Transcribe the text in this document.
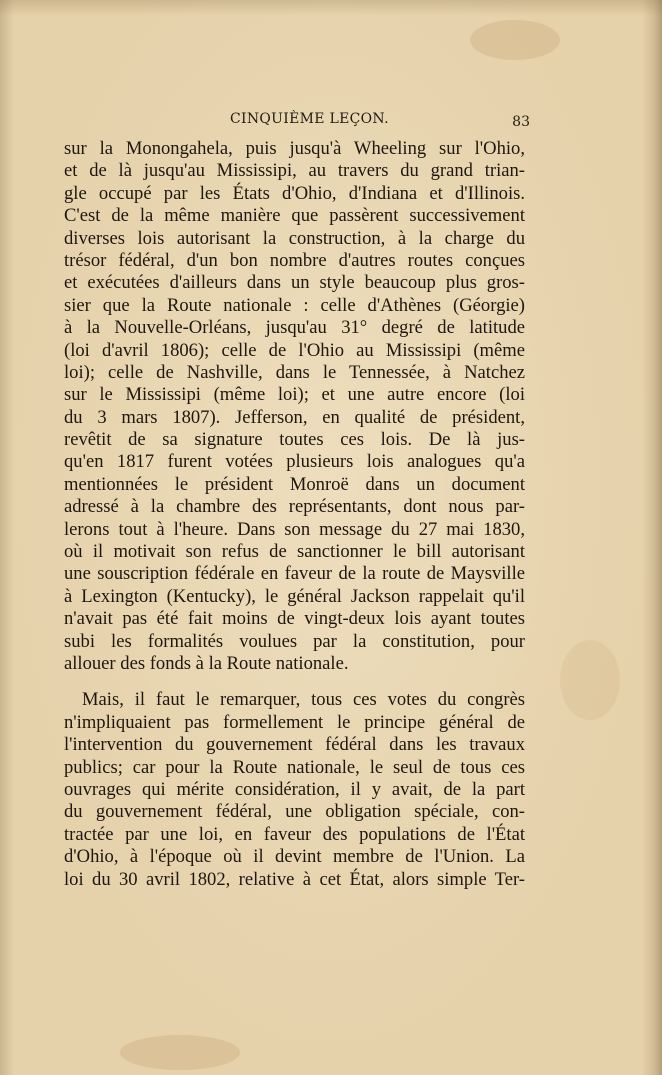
CINQUIÈME LEÇON.	83
sur la Monongahela, puis jusqu'à Wheeling sur l'Ohio,
et de là jusqu'au Mississipi, au travers du grand trian-
gle occupé par les États d'Ohio, d'Indiana et d'Illinois.
C'est de la même manière que passèrent successivement
diverses lois autorisant la construction, à la charge du
trésor fédéral, d'un bon nombre d'autres routes conçues
et exécutées d'ailleurs dans un style beaucoup plus gros-
sier que la Route nationale : celle d'Athènes (Géorgie)
à la Nouvelle-Orléans, jusqu'au 31° degré de latitude
(loi d'avril 1806); celle de l'Ohio au Mississipi (même
loi); celle de Nashville, dans le Tennessée, à Natchez
sur le Mississipi (même loi); et une autre encore (loi
du 3 mars 1807). Jefferson, en qualité de président,
revêtit de sa signature toutes ces lois. De là jus-
qu'en 1817 furent votées plusieurs lois analogues qu'a
mentionnées le président Monroë dans un document
adressé à la chambre des représentants, dont nous par-
lerons tout à l'heure. Dans son message du 27 mai 1830,
où il motivait son refus de sanctionner le bill autorisant
une souscription fédérale en faveur de la route de Maysville
à Lexington (Kentucky), le général Jackson rappelait qu'il
n'avait pas été fait moins de vingt-deux lois ayant toutes
subi les formalités voulues par la constitution, pour
allouer des fonds à la Route nationale.
Mais, il faut le remarquer, tous ces votes du congrès
n'impliquaient pas formellement le principe général de
l'intervention du gouvernement fédéral dans les travaux
publics; car pour la Route nationale, le seul de tous ces
ouvrages qui mérite considération, il y avait, de la part
du gouvernement fédéral, une obligation spéciale, con-
tractée par une loi, en faveur des populations de l'État
d'Ohio, à l'époque où il devint membre de l'Union. La
loi du 30 avril 1802, relative à cet État, alors simple Ter-
